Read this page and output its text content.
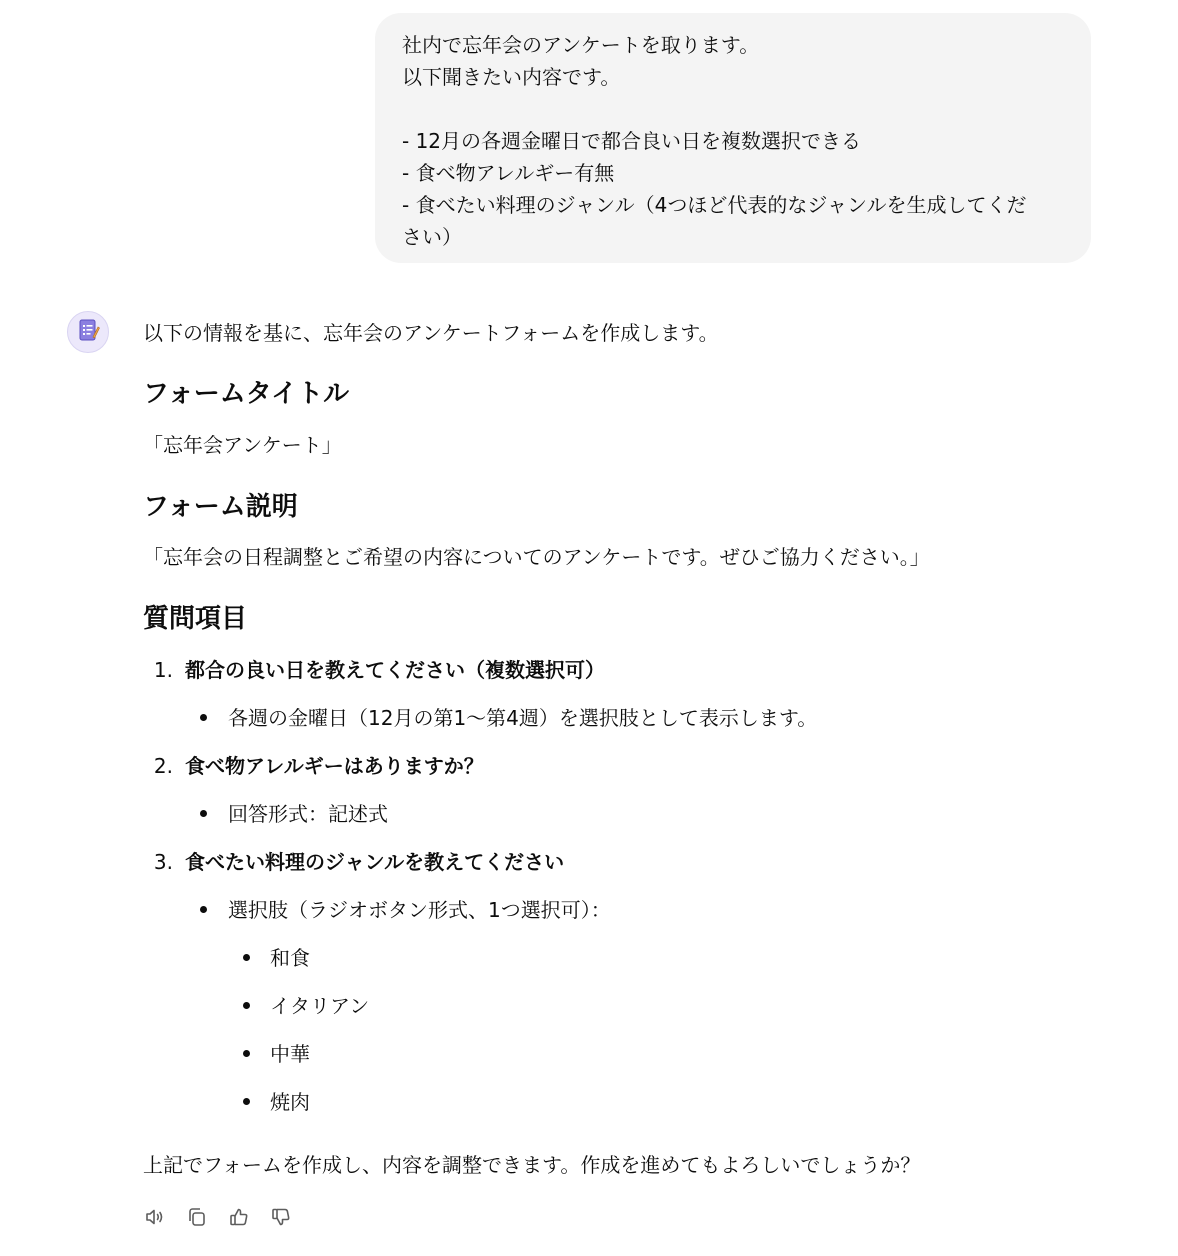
社内で忘年会のアンケートを取ります。
以下聞きたい内容です。
- 12月の各週金曜日で都合良い日を複数選択できる
- 食べ物アレルギー有無
- 食べたい料理のジャンル（4つほど代表的なジャンルを生成してくだ
さい）
以下の情報を基に、忘年会のアンケートフォームを作成します。
フォームタイトル
「忘年会アンケート」
フォーム説明
「忘年会の日程調整とご希望の内容についてのアンケートです。ぜひご協力ください。」
質問項目
1. 都合の良い日を教えてください（複数選択可）
各週の金曜日（12月の第1〜第4週）を選択肢として表示します。
2. 食べ物アレルギーはありますか？
回答形式：記述式
3. 食べたい料理のジャンルを教えてください
選択肢（ラジオボタン形式、1つ選択可）：
和食
イタリアン
中華
焼肉
上記でフォームを作成し、内容を調整できます。作成を進めてもよろしいでしょうか？
